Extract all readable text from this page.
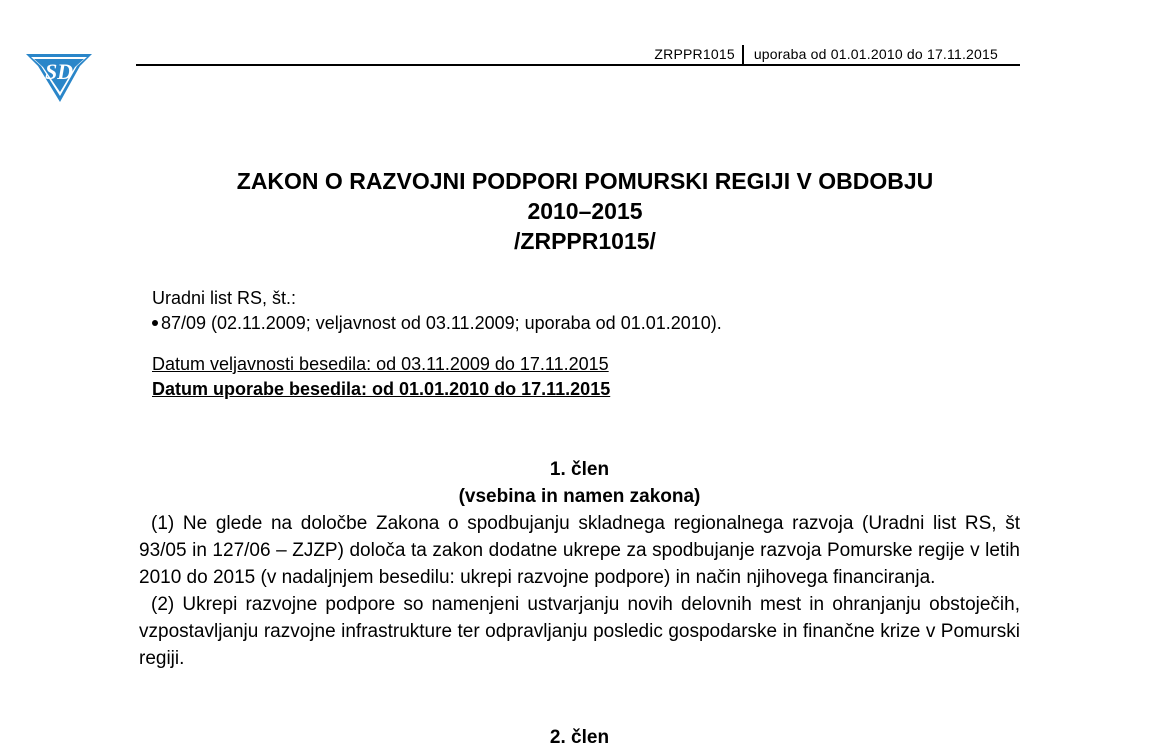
SD
ZRPPR1015 uporaba od 01.01.2010 do 17.11.2015
ZAKON O RAZVOJNI PODPORI POMURSKI REGIJI V OBDOBJU
2010–2015
/ZRPPR1015/
Uradni list RS, št.:
87/09 (02.11.2009; veljavnost od 03.11.2009; uporaba od 01.01.2010).
Datum veljavnosti besedila: od 03.11.2009 do 17.11.2015
Datum uporabe besedila: od 01.01.2010 do 17.11.2015
1. člen
(vsebina in namen zakona)

(1) Ne glede na določbe Zakona o spodbujanju skladnega regionalnega razvoja (Uradni list RS, št 93/05 in 127/06 – ZJZP) določa ta zakon dodatne ukrepe za spodbujanje razvoja Pomurske regije v letih 2010 do 2015 (v nadaljnjem besedilu: ukrepi razvojne podpore) in način njihovega financiranja.

(2) Ukrepi razvojne podpore so namenjeni ustvarjanju novih delovnih mest in ohranjanju obstoječih, vzpostavljanju razvojne infrastrukture ter odpravljanju posledic gospodarske in finančne krize v Pomurski regiji.

2. člen
